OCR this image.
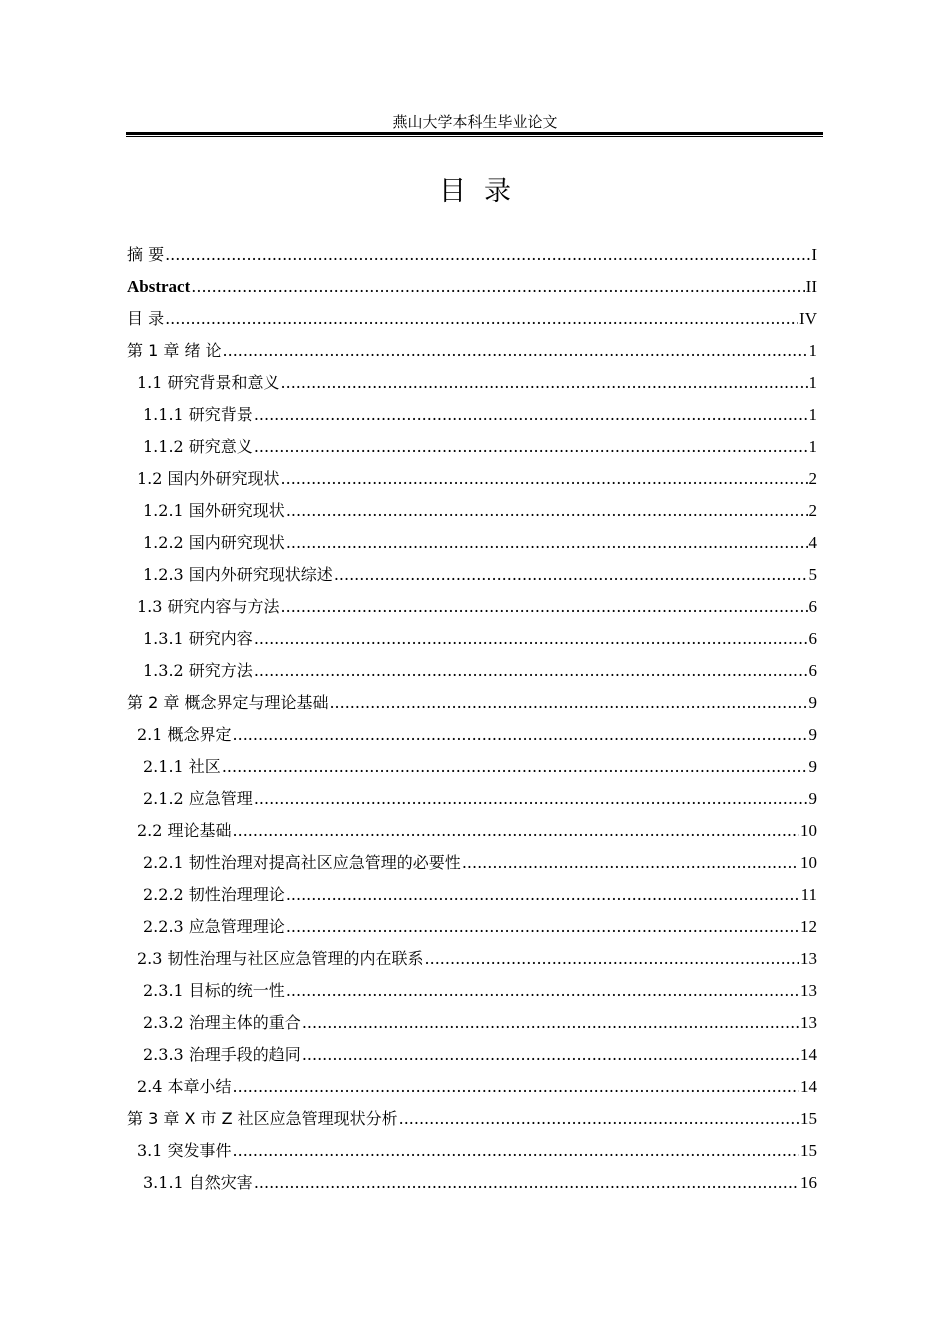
燕山大学本科生毕业论文
目录
摘 要 .....	I
Abstract .....	II
目 录 .....	IV
第 1 章 绪 论 .....	1
1.1 研究背景和意义 .....	1
1.1.1 研究背景 .....	1
1.1.2 研究意义 .....	1
1.2 国内外研究现状 .....	2
1.2.1 国外研究现状 .....	2
1.2.2 国内研究现状 .....	4
1.2.3 国内外研究现状综述 .....	5
1.3 研究内容与方法 .....	6
1.3.1 研究内容 .....	6
1.3.2 研究方法 .....	6
第 2 章 概念界定与理论基础 .....	9
2.1 概念界定 .....	9
2.1.1 社区 .....	9
2.1.2 应急管理 .....	9
2.2 理论基础 .....	10
2.2.1 韧性治理对提高社区应急管理的必要性 .....	10
2.2.2 韧性治理理论 .....	11
2.2.3 应急管理理论 .....	12
2.3 韧性治理与社区应急管理的内在联系 .....	13
2.3.1 目标的统一性 .....	13
2.3.2 治理主体的重合 .....	13
2.3.3 治理手段的趋同 .....	14
2.4 本章小结 .....	14
第 3 章 X 市 Z 社区应急管理现状分析 .....	15
3.1 突发事件 .....	15
3.1.1 自然灾害 .....	16
